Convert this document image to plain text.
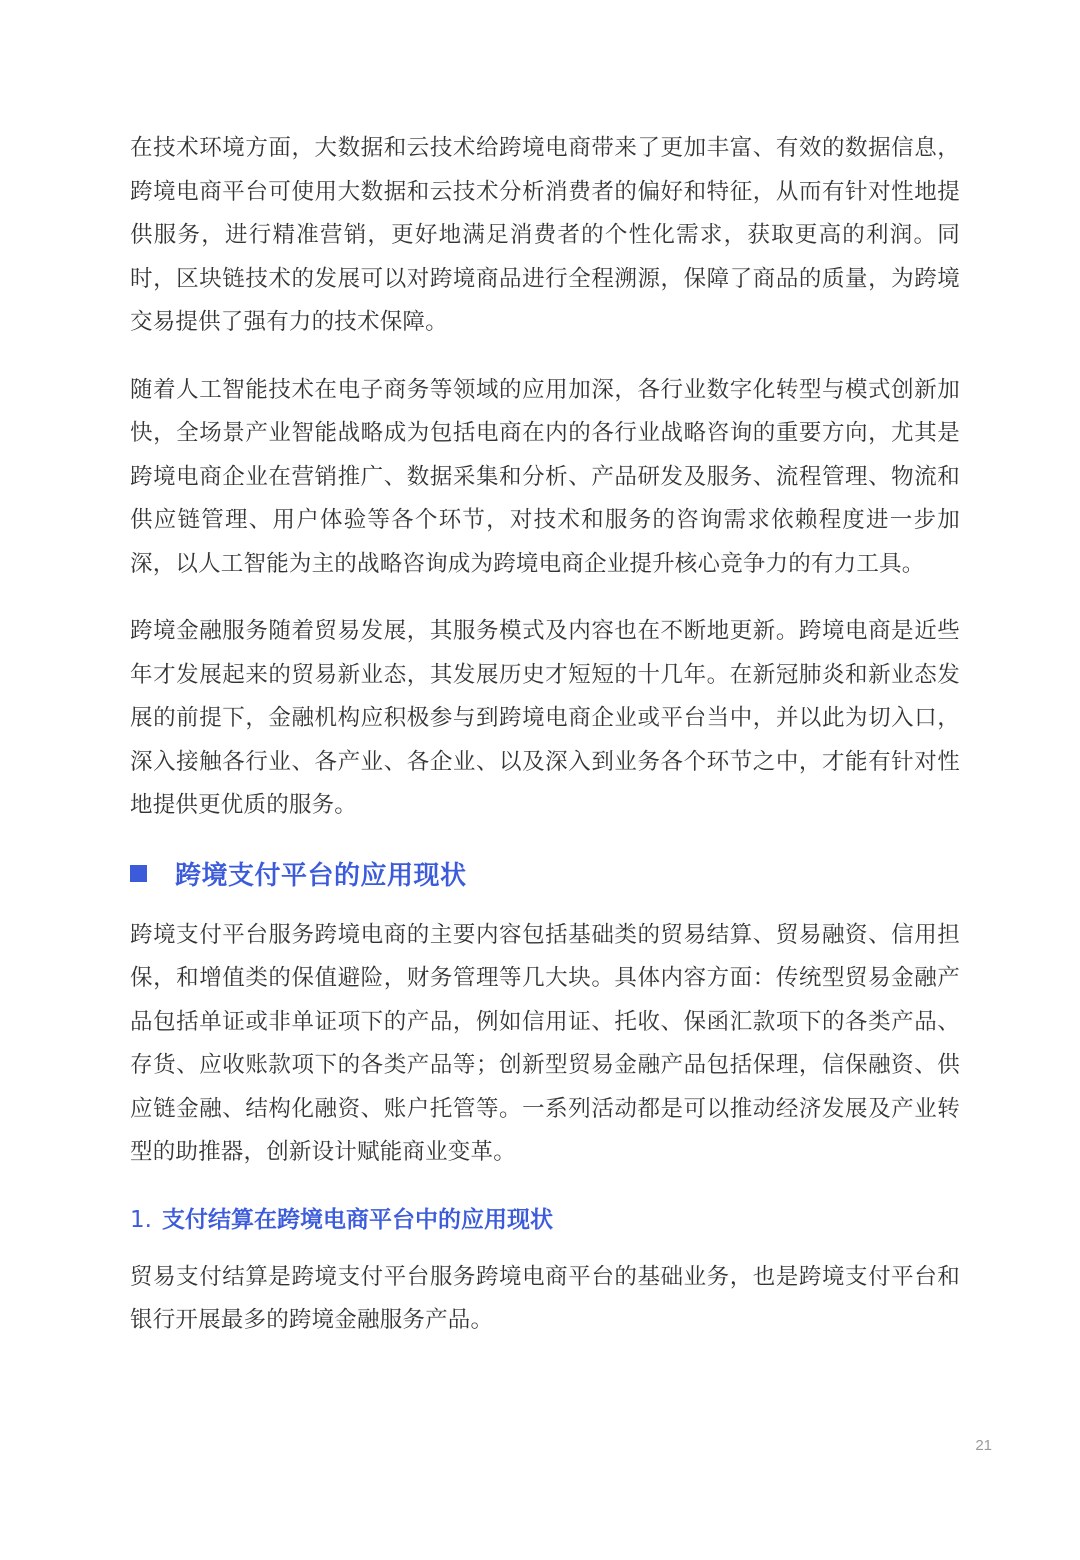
在技术环境方面，大数据和云技术给跨境电商带来了更加丰富、有效的数据信息，跨境电商平台可使用大数据和云技术分析消费者的偏好和特征，从而有针对性地提供服务，进行精准营销，更好地满足消费者的个性化需求，获取更高的利润。同时，区块链技术的发展可以对跨境商品进行全程溯源，保障了商品的质量，为跨境交易提供了强有力的技术保障。

随着人工智能技术在电子商务等领域的应用加深，各行业数字化转型与模式创新加快，全场景产业智能战略成为包括电商在内的各行业战略咨询的重要方向，尤其是跨境电商企业在营销推广、数据采集和分析、产品研发及服务、流程管理、物流和供应链管理、用户体验等各个环节，对技术和服务的咨询需求依赖程度进一步加深，以人工智能为主的战略咨询成为跨境电商企业提升核心竞争力的有力工具。

跨境金融服务随着贸易发展，其服务模式及内容也在不断地更新。跨境电商是近些年才发展起来的贸易新业态，其发展历史才短短的十几年。在新冠肺炎和新业态发展的前提下，金融机构应积极参与到跨境电商企业或平台当中，并以此为切入口，深入接触各行业、各产业、各企业、以及深入到业务各个环节之中，才能有针对性地提供更优质的服务。

跨境支付平台的应用现状

跨境支付平台服务跨境电商的主要内容包括基础类的贸易结算、贸易融资、信用担保，和增值类的保值避险，财务管理等几大块。具体内容方面：传统型贸易金融产品包括单证或非单证项下的产品，例如信用证、托收、保函汇款项下的各类产品、存货、应收账款项下的各类产品等；创新型贸易金融产品包括保理，信保融资、供应链金融、结构化融资、账户托管等。一系列活动都是可以推动经济发展及产业转型的助推器，创新设计赋能商业变革。

1. 支付结算在跨境电商平台中的应用现状

贸易支付结算是跨境支付平台服务跨境电商平台的基础业务，也是跨境支付平台和银行开展最多的跨境金融服务产品。

21
